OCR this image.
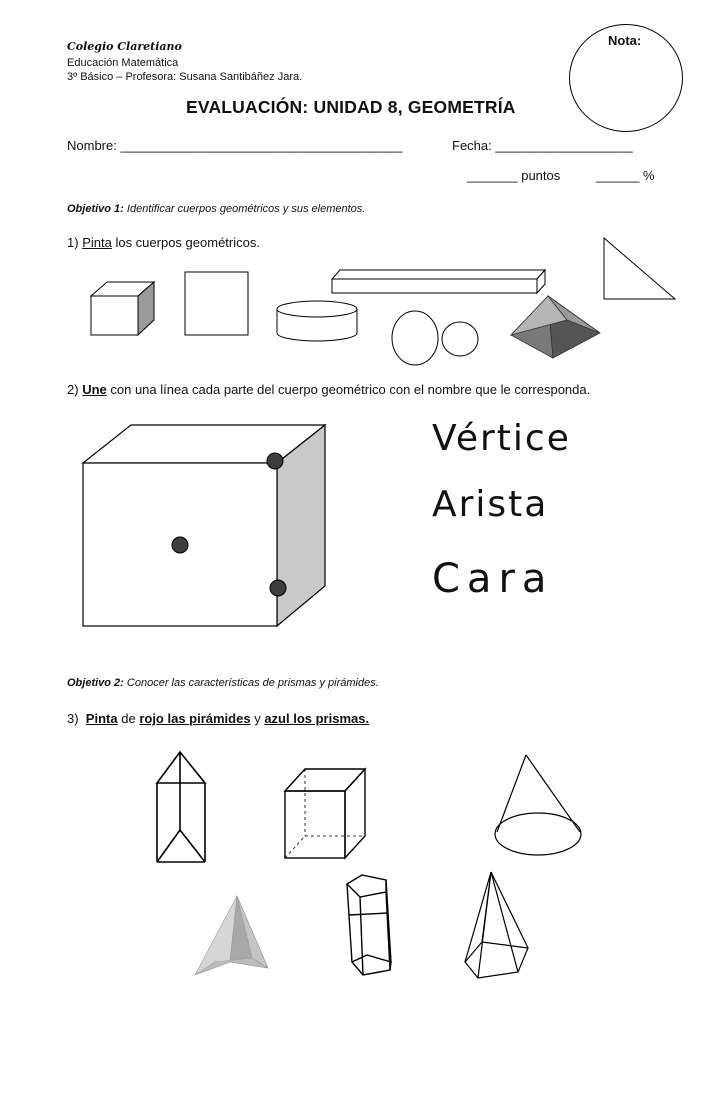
Colegio Claretiano
Educación Matemática
3º Básico – Profesora: Susana Santibáñez Jara.
Nota:
EVALUACIÓN: UNIDAD 8, GEOMETRÍA
Nombre: _______________________________________	Fecha: ___________________
_______ puntos	______ %
Objetivo 1: Identificar cuerpos geométricos y sus elementos.
1) Pinta los cuerpos geométricos.
2) Une con una línea cada parte del cuerpo geométrico con el nombre que le corresponda.
Vértice
Arista
Cara
Objetivo 2: Conocer las características de prismas y pirámides.
3) Pinta de rojo las pirámides y azul los prismas.
